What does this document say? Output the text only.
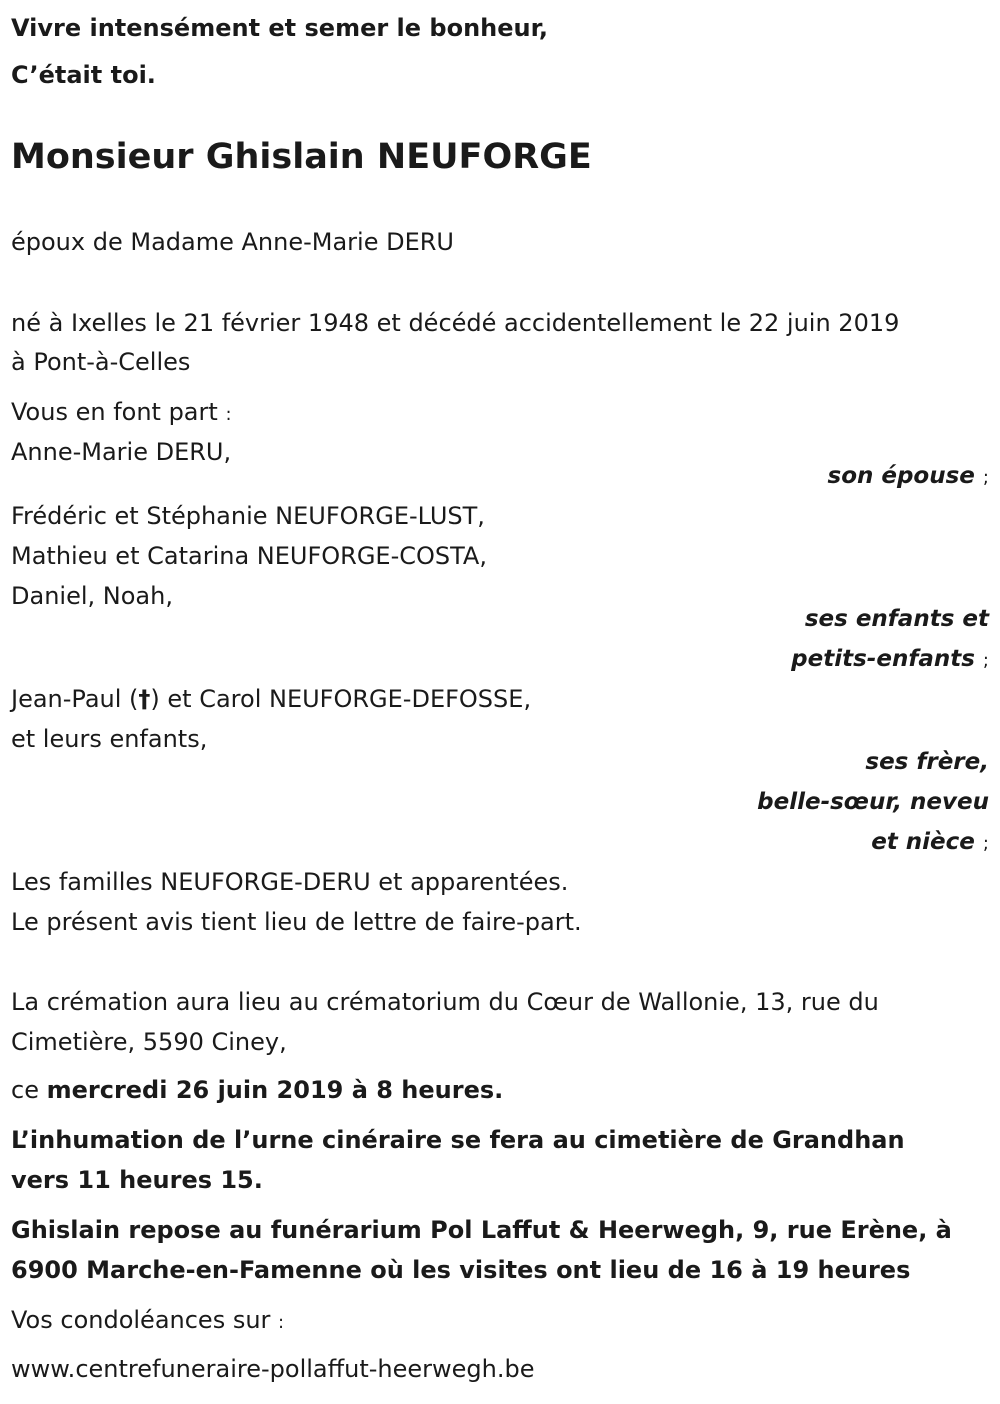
Vivre intensément et semer le bonheur,
C’était toi.
Monsieur Ghislain NEUFORGE
époux de Madame Anne-Marie DERU
né à Ixelles le 21 février 1948 et décédé accidentellement le 22 juin 2019
à Pont-à-Celles
Vous en font part :
Anne-Marie DERU,
son épouse ;
Frédéric et Stéphanie NEUFORGE-LUST,
Mathieu et Catarina NEUFORGE-COSTA,
Daniel, Noah,
ses enfants et
petits-enfants ;
Jean-Paul (†) et Carol NEUFORGE-DEFOSSE,
et leurs enfants,
ses frère,
belle-sœur, neveu
et nièce ;
Les familles NEUFORGE-DERU et apparentées.
Le présent avis tient lieu de lettre de faire-part.
La crémation aura lieu au crématorium du Cœur de Wallonie, 13, rue du
Cimetière, 5590 Ciney,
ce mercredi 26 juin 2019 à 8 heures.
L’inhumation de l’urne cinéraire se fera au cimetière de Grandhan
vers 11 heures 15.
Ghislain repose au funérarium Pol Laffut & Heerwegh, 9, rue Erène, à
6900 Marche-en-Famenne où les visites ont lieu de 16 à 19 heures
Vos condoléances sur :
www.centrefuneraire-pollaffut-heerwegh.be
